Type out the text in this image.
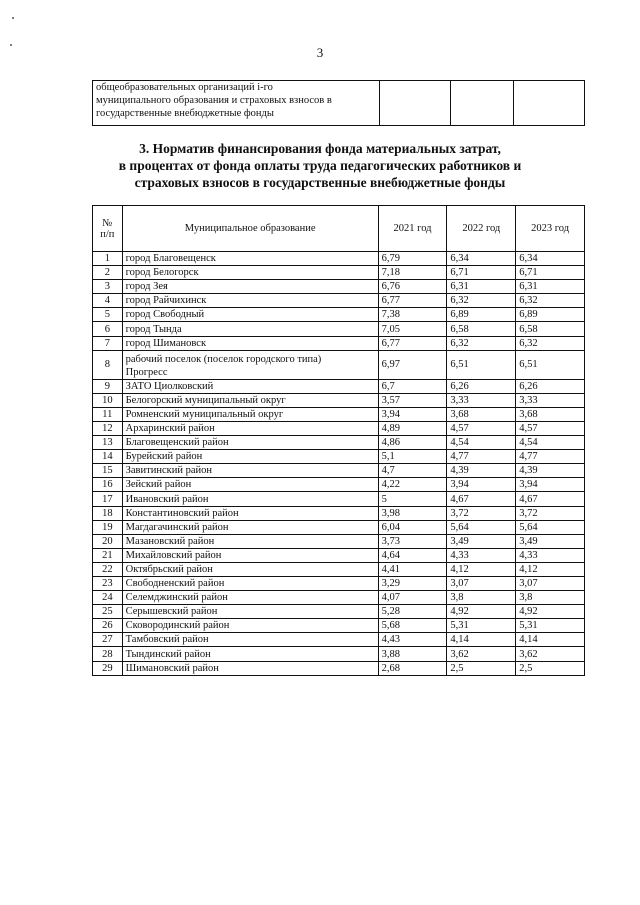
3
общеобразовательных организаций i-го
муниципального образования и страховых взносов в
государственные внебюджетные фонды

3. Норматив финансирования фонда материальных затрат,
в процентах от фонда оплаты труда педагогических работников и
страховых взносов в государственные внебюджетные фонды
№
п/п	Муниципальное образование	2021 год	2022 год	2023 год
1	город Благовещенск	6,79	6,34	6,34
2	город Белогорск	7,18	6,71	6,71
3	город Зея	6,76	6,31	6,31
4	город Райчихинск	6,77	6,32	6,32
5	город Свободный	7,38	6,89	6,89
6	город Тында	7,05	6,58	6,58
7	город Шимановск	6,77	6,32	6,32
8	рабочий поселок (поселок городского типа)
Прогресс	6,97	6,51	6,51
9	ЗАТО Циолковский	6,7	6,26	6,26
10	Белогорский муниципальный округ	3,57	3,33	3,33
11	Ромненский муниципальный округ	3,94	3,68	3,68
12	Архаринский район	4,89	4,57	4,57
13	Благовещенский район	4,86	4,54	4,54
14	Бурейский район	5,1	4,77	4,77
15	Завитинский район	4,7	4,39	4,39
16	Зейский район	4,22	3,94	3,94
17	Ивановский район	5	4,67	4,67
18	Константиновский район	3,98	3,72	3,72
19	Магдагачинский район	6,04	5,64	5,64
20	Мазановский район	3,73	3,49	3,49
21	Михайловский район	4,64	4,33	4,33
22	Октябрьский район	4,41	4,12	4,12
23	Свободненский район	3,29	3,07	3,07
24	Селемджинский район	4,07	3,8	3,8
25	Серышевский район	5,28	4,92	4,92
26	Сковородинский район	5,68	5,31	5,31
27	Тамбовский район	4,43	4,14	4,14
28	Тындинский район	3,88	3,62	3,62
29	Шимановский район	2,68	2,5	2,5
